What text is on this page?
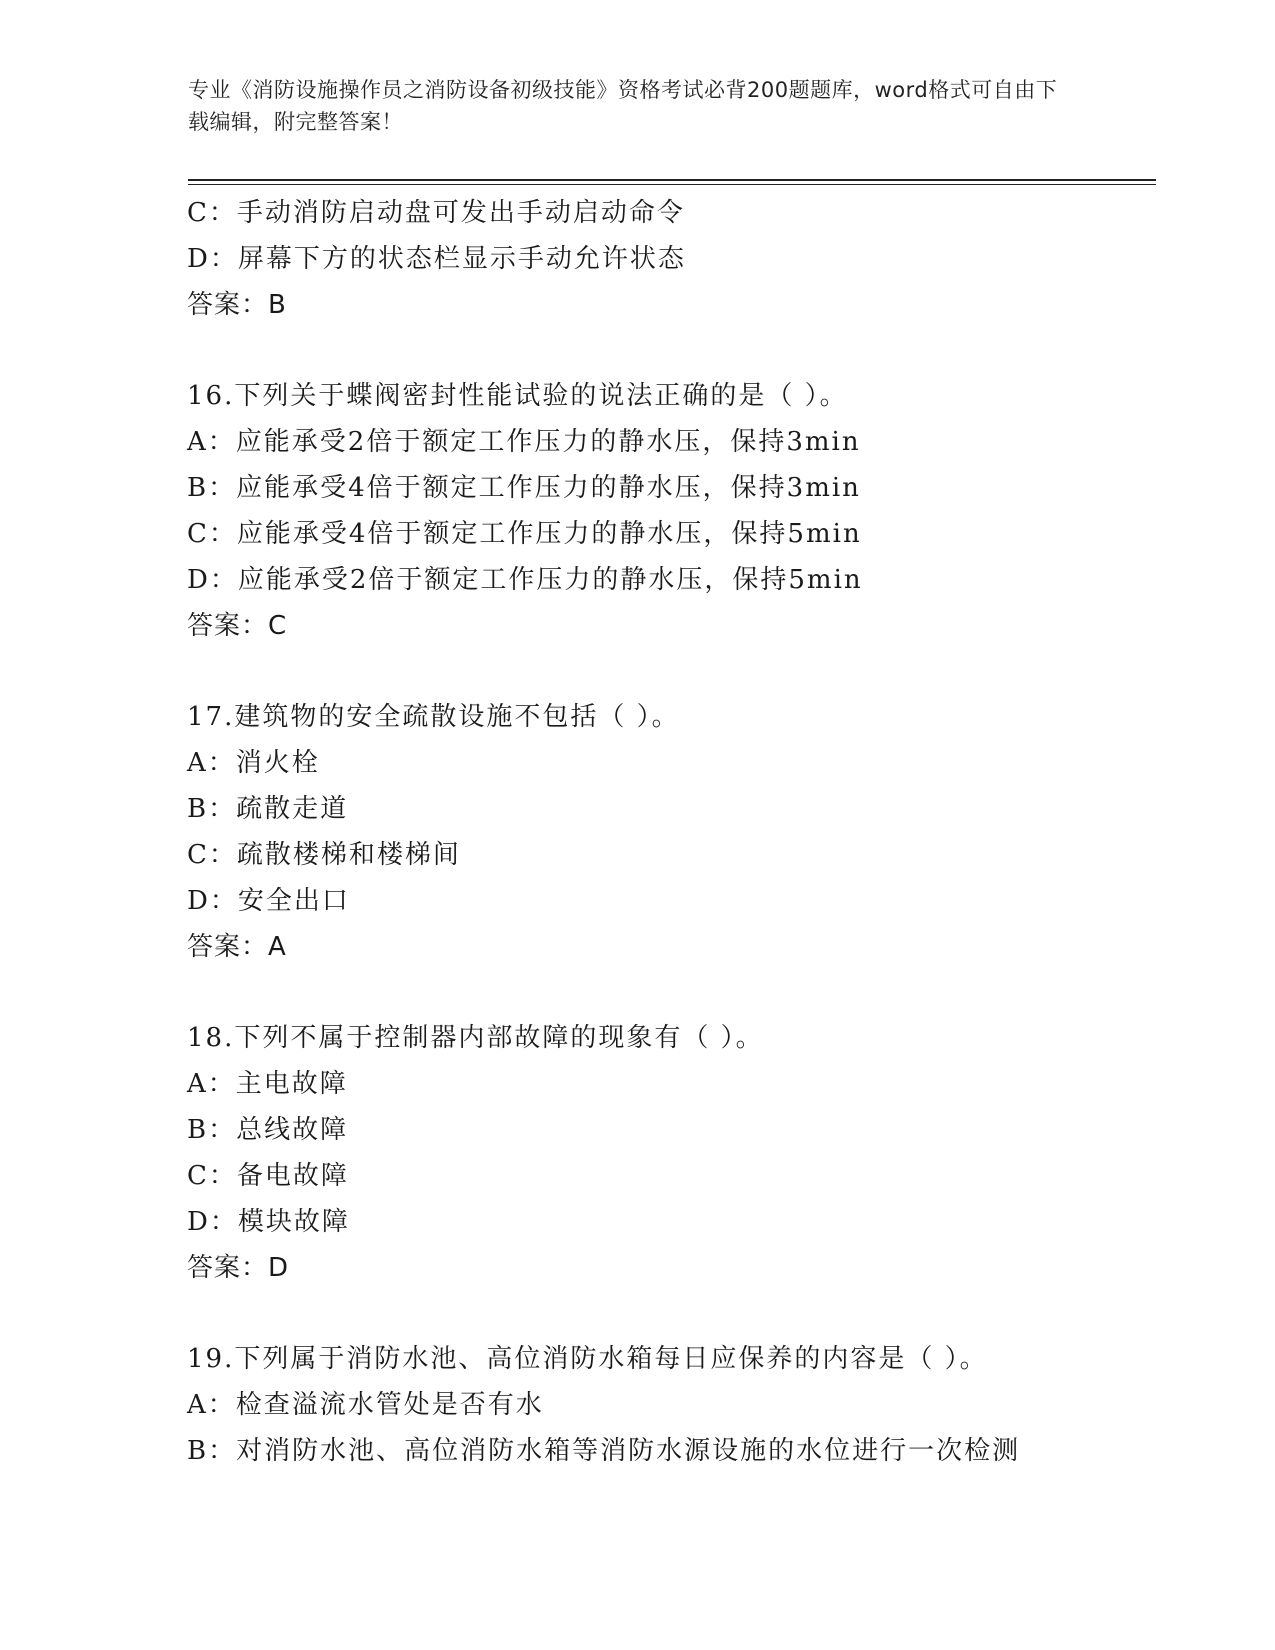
专业《消防设施操作员之消防设备初级技能》资格考试必背200题题库，word格式可自由下载编辑，附完整答案！
C：手动消防启动盘可发出手动启动命令
D：屏幕下方的状态栏显示手动允许状态
答案：B
16.下列关于蝶阀密封性能试验的说法正确的是（ ）。
A：应能承受2倍于额定工作压力的静水压，保持3min
B：应能承受4倍于额定工作压力的静水压，保持3min
C：应能承受4倍于额定工作压力的静水压，保持5min
D：应能承受2倍于额定工作压力的静水压，保持5min
答案：C
17.建筑物的安全疏散设施不包括（ ）。
A：消火栓
B：疏散走道
C：疏散楼梯和楼梯间
D：安全出口
答案：A
18.下列不属于控制器内部故障的现象有（ ）。
A：主电故障
B：总线故障
C：备电故障
D：模块故障
答案：D
19.下列属于消防水池、高位消防水箱每日应保养的内容是（ ）。
A：检查溢流水管处是否有水
B：对消防水池、高位消防水箱等消防水源设施的水位进行一次检测
